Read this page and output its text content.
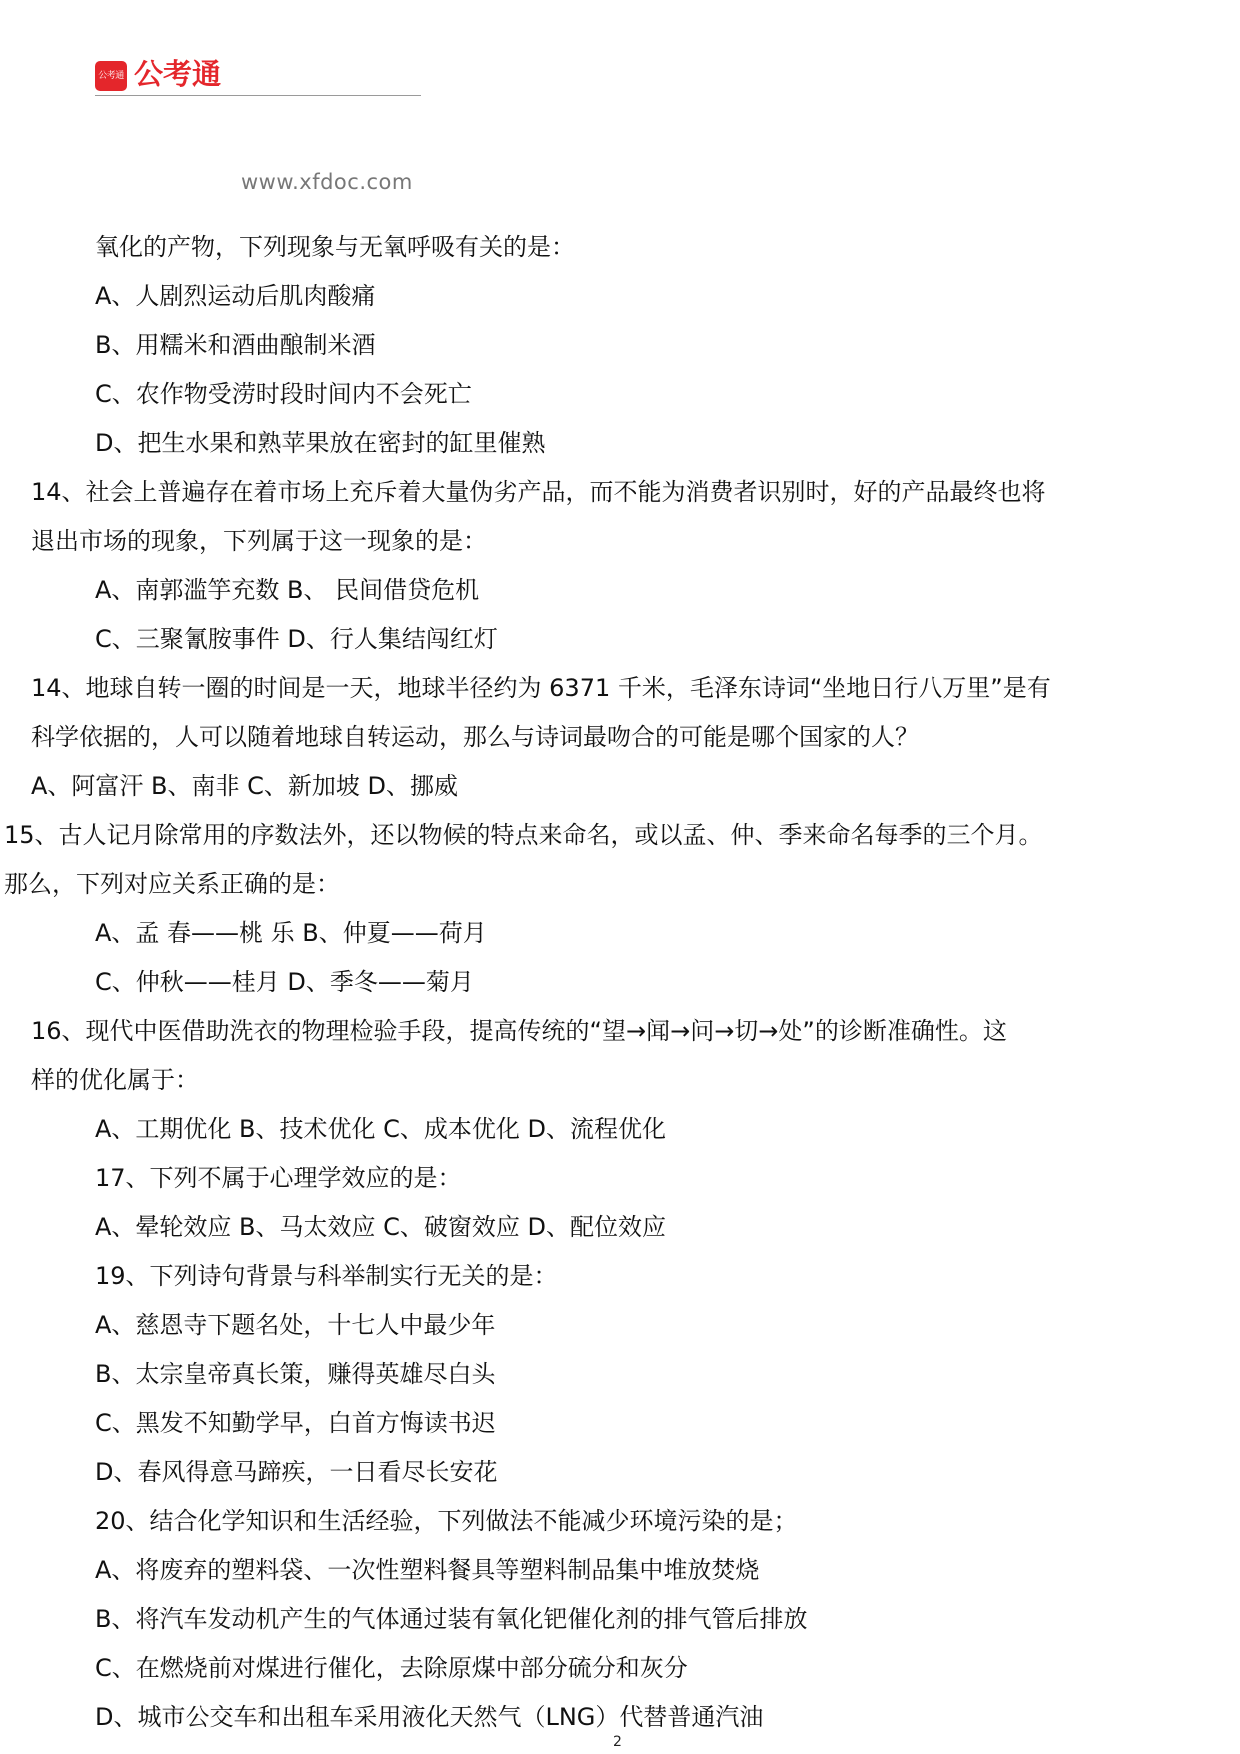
公考通 公考通
www.xfdoc.com
氧化的产物，下列现象与无氧呼吸有关的是：
A、人剧烈运动后肌肉酸痛
B、用糯米和酒曲酿制米酒
C、农作物受涝时段时间内不会死亡
D、把生水果和熟苹果放在密封的缸里催熟
14、社会上普遍存在着市场上充斥着大量伪劣产品，而不能为消费者识别时，好的产品最终也将
退出市场的现象，下列属于这一现象的是：
A、南郭滥竽充数 B、 民间借贷危机
C、三聚氰胺事件 D、行人集结闯红灯
14、地球自转一圈的时间是一天，地球半径约为 6371 千米，毛泽东诗词“坐地日行八万里”是有
科学依据的，人可以随着地球自转运动，那么与诗词最吻合的可能是哪个国家的人？
A、阿富汗 B、南非 C、新加坡 D、挪威
15、古人记月除常用的序数法外，还以物候的特点来命名，或以孟、仲、季来命名每季的三个月。
那么，下列对应关系正确的是：
A、孟 春——桃 乐 B、仲夏——荷月
C、仲秋——桂月 D、季冬——菊月
16、现代中医借助洗衣的物理检验手段，提高传统的“望→闻→问→切→处”的诊断准确性。这
样的优化属于：
A、工期优化 B、技术优化 C、成本优化 D、流程优化
17、下列不属于心理学效应的是：
A、晕轮效应 B、马太效应 C、破窗效应 D、配位效应
19、下列诗句背景与科举制实行无关的是：
A、慈恩寺下题名处，十七人中最少年
B、太宗皇帝真长策，赚得英雄尽白头
C、黑发不知勤学早，白首方悔读书迟
D、春风得意马蹄疾，一日看尽长安花
20、结合化学知识和生活经验，下列做法不能减少环境污染的是；
A、将废弃的塑料袋、一次性塑料餐具等塑料制品集中堆放焚烧
B、将汽车发动机产生的气体通过装有氧化钯催化剂的排气管后排放
C、在燃烧前对煤进行催化，去除原煤中部分硫分和灰分
D、城市公交车和出租车采用液化天然气（LNG）代替普通汽油
2
